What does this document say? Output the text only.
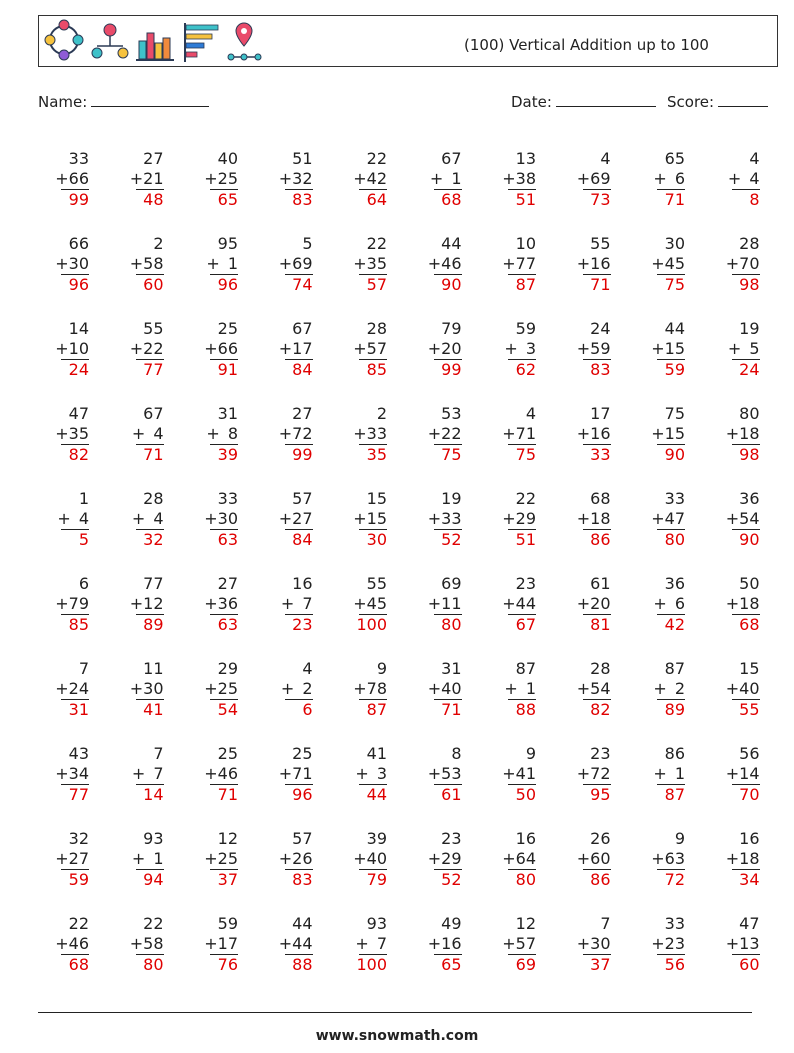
(100) Vertical Addition up to 100
Name:	Date:	Score:
33
+66
99
27
+21
48
40
+25
65
51
+32
83
22
+42
64
67
+ 1
68
13
+38
51
4
+69
73
65
+ 6
71
4
+ 4
8
66
+30
96
2
+58
60
95
+ 1
96
5
+69
74
22
+35
57
44
+46
90
10
+77
87
55
+16
71
30
+45
75
28
+70
98
14
+10
24
55
+22
77
25
+66
91
67
+17
84
28
+57
85
79
+20
99
59
+ 3
62
24
+59
83
44
+15
59
19
+ 5
24
47
+35
82
67
+ 4
71
31
+ 8
39
27
+72
99
2
+33
35
53
+22
75
4
+71
75
17
+16
33
75
+15
90
80
+18
98
1
+ 4
5
28
+ 4
32
33
+30
63
57
+27
84
15
+15
30
19
+33
52
22
+29
51
68
+18
86
33
+47
80
36
+54
90
6
+79
85
77
+12
89
27
+36
63
16
+ 7
23
55
+45
100
69
+11
80
23
+44
67
61
+20
81
36
+ 6
42
50
+18
68
7
+24
31
11
+30
41
29
+25
54
4
+ 2
6
9
+78
87
31
+40
71
87
+ 1
88
28
+54
82
87
+ 2
89
15
+40
55
43
+34
77
7
+ 7
14
25
+46
71
25
+71
96
41
+ 3
44
8
+53
61
9
+41
50
23
+72
95
86
+ 1
87
56
+14
70
32
+27
59
93
+ 1
94
12
+25
37
57
+26
83
39
+40
79
23
+29
52
16
+64
80
26
+60
86
9
+63
72
16
+18
34
22
+46
68
22
+58
80
59
+17
76
44
+44
88
93
+ 7
100
49
+16
65
12
+57
69
7
+30
37
33
+23
56
47
+13
60
www.snowmath.com
